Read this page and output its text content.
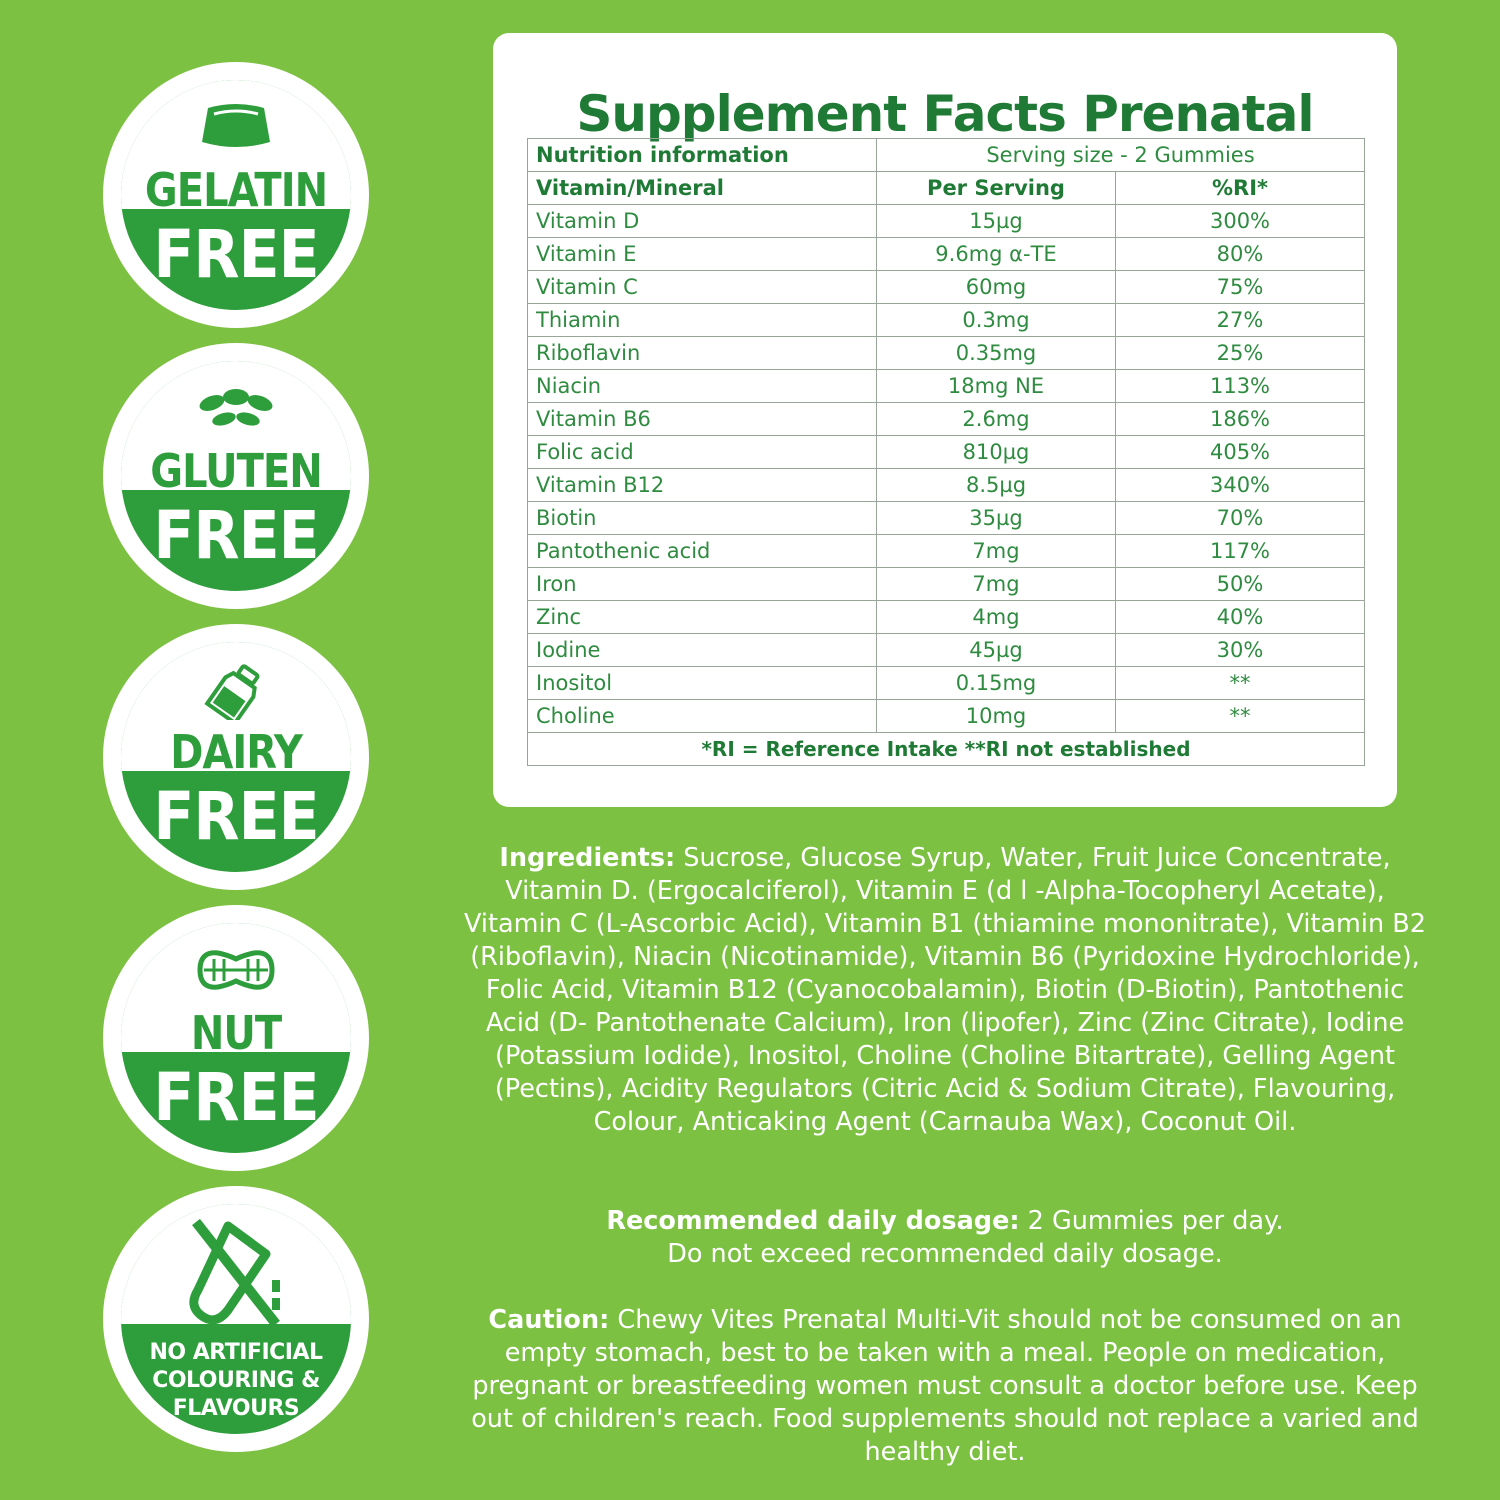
GELATIN
FREE
GLUTEN
FREE
DAIRY
FREE
NUT
FREE
NO ARTIFICIAL
COLOURING &
FLAVOURS
Supplement Facts Prenatal
Nutrition information	Serving size - 2 Gummies	
Vitamin/Mineral	Per Serving	%RI*
Vitamin D	15µg	300%
Vitamin E	9.6mg α-TE	80%
Vitamin C	60mg	75%
Thiamin	0.3mg	27%
Riboflavin	0.35mg	25%
Niacin	18mg NE	113%
Vitamin B6	2.6mg	186%
Folic acid	810µg	405%
Vitamin B12	8.5µg	340%
Biotin	35µg	70%
Pantothenic acid	7mg	117%
Iron	7mg	50%
Zinc	4mg	40%
Iodine	45µg	30%
Inositol	0.15mg	**
Choline	10mg	**
*RI = Reference Intake **RI not established		
Ingredients: Sucrose, Glucose Syrup, Water, Fruit Juice Concentrate, Vitamin D. (Ergocalciferol), Vitamin E (d l -Alpha-Tocopheryl Acetate), Vitamin C (L-Ascorbic Acid), Vitamin B1 (thiamine mononitrate), Vitamin B2 (Riboflavin), Niacin (Nicotinamide), Vitamin B6 (Pyridoxine Hydrochloride), Folic Acid, Vitamin B12 (Cyanocobalamin), Biotin (D-Biotin), Pantothenic Acid (D- Pantothenate Calcium), Iron (lipofer), Zinc (Zinc Citrate), Iodine (Potassium Iodide), Inositol, Choline (Choline Bitartrate), Gelling Agent (Pectins), Acidity Regulators (Citric Acid & Sodium Citrate), Flavouring, Colour, Anticaking Agent (Carnauba Wax), Coconut Oil.
Recommended daily dosage: 2 Gummies per day.
Do not exceed recommended daily dosage.
Caution: Chewy Vites Prenatal Multi-Vit should not be consumed on an empty stomach, best to be taken with a meal. People on medication, pregnant or breastfeeding women must consult a doctor before use. Keep out of children's reach. Food supplements should not replace a varied and healthy diet.
